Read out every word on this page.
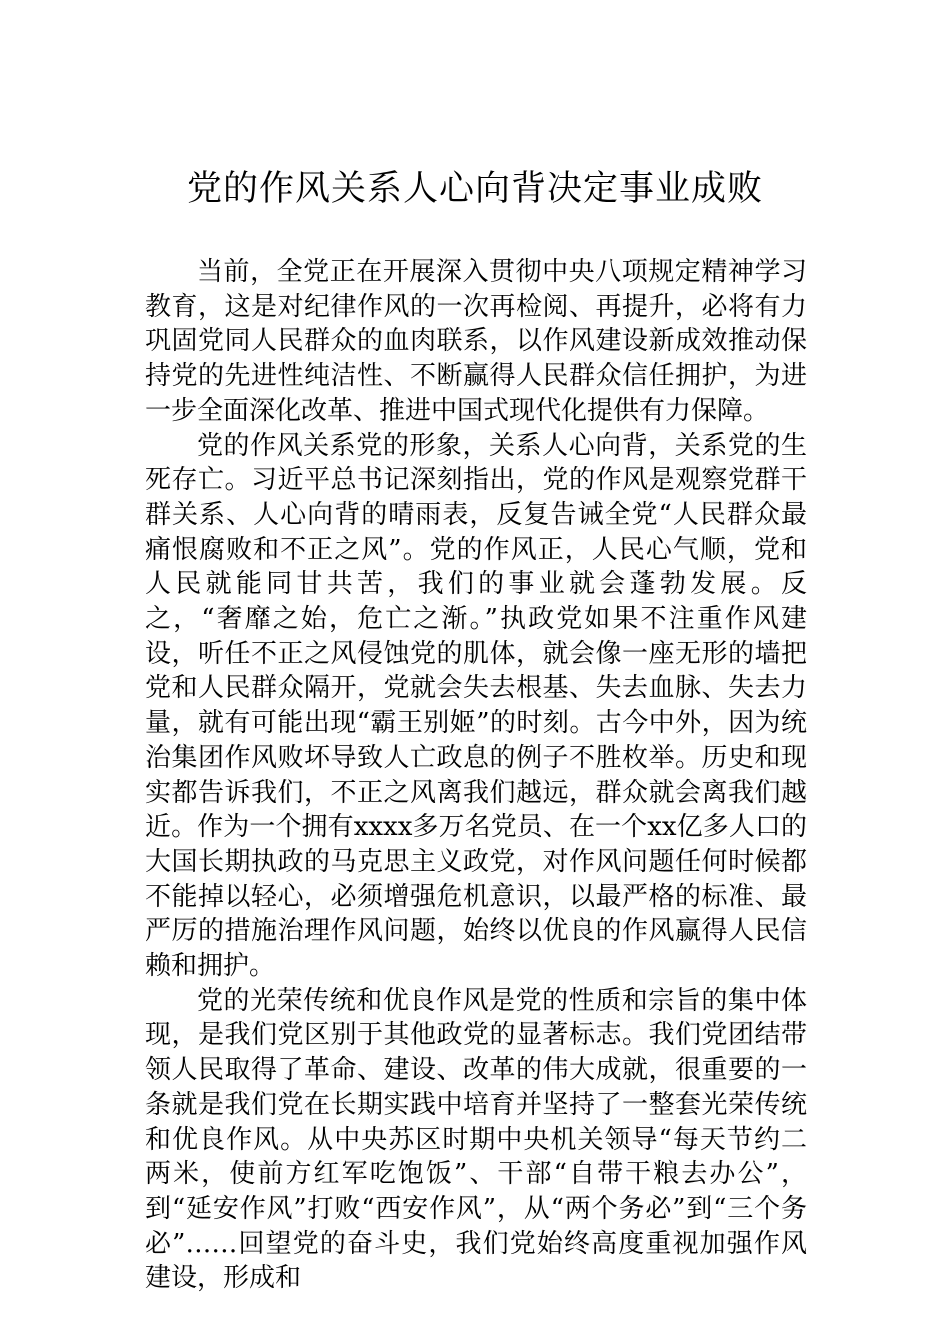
党的作风关系人心向背决定事业成败

当前，全党正在开展深入贯彻中央八项规定精神学习教育，这是对纪律作风的一次再检阅、再提升，必将有力巩固党同人民群众的血肉联系，以作风建设新成效推动保持党的先进性纯洁性、不断赢得人民群众信任拥护，为进一步全面深化改革、推进中国式现代化提供有力保障。

党的作风关系党的形象，关系人心向背，关系党的生死存亡。习近平总书记深刻指出，党的作风是观察党群干群关系、人心向背的晴雨表，反复告诫全党“人民群众最痛恨腐败和不正之风”。党的作风正，人民心气顺，党和人民就能同甘共苦，我们的事业就会蓬勃发展。反之，“奢靡之始，危亡之渐。”执政党如果不注重作风建设，听任不正之风侵蚀党的肌体，就会像一座无形的墙把党和人民群众隔开，党就会失去根基、失去血脉、失去力量，就有可能出现“霸王别姬”的时刻。古今中外，因为统治集团作风败坏导致人亡政息的例子不胜枚举。历史和现实都告诉我们，不正之风离我们越远，群众就会离我们越近。作为一个拥有xxxx多万名党员、在一个xx亿多人口的大国长期执政的马克思主义政党，对作风问题任何时候都不能掉以轻心，必须增强危机意识，以最严格的标准、最严厉的措施治理作风问题，始终以优良的作风赢得人民信赖和拥护。

党的光荣传统和优良作风是党的性质和宗旨的集中体现，是我们党区别于其他政党的显著标志。我们党团结带领人民取得了革命、建设、改革的伟大成就，很重要的一条就是我们党在长期实践中培育并坚持了一整套光荣传统和优良作风。从中央苏区时期中央机关领导“每天节约二两米，使前方红军吃饱饭”、干部“自带干粮去办公”，到“延安作风”打败“西安作风”，从“两个务必”到“三个务必”……回望党的奋斗史，我们党始终高度重视加强作风建设，形成和
